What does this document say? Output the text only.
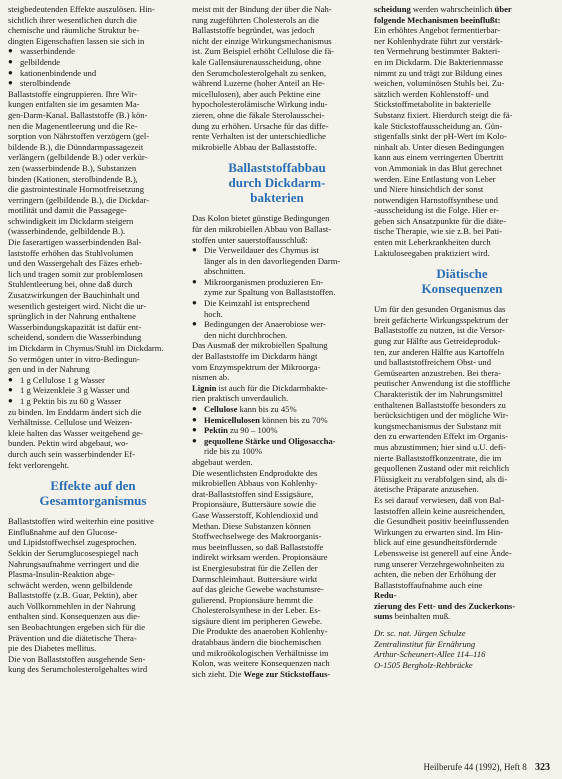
steigbedeutenden Effekte auszulösen. Hin-
sichtlich ihrer wesentlichen durch die
chemische und räumliche Struktur be-
dingten Eigenschaften lassen sie sich in
● wasserbindende
● gelbildende
● kationenbindende und
● sterolbindende
Ballaststoffe eingruppieren. Ihre Wir-
kungen entfalten sie im gesamten Ma-
gen-Darm-Kanal. Ballaststoffe (B.) kön-
nen die Magenentleerung und die Re-
sorption von Nährstoffen verzögern (gel-
bildende B.), die Dünndarmpassagezeit
verlängern (gelbildende B.) oder verkür-
zen (wasserbindende B.), Substanzen
binden (Kationen, sterolbindende B.),
die gastrointestinale Hormotfreisetzung
verringern (gelbildende B.), die Dickdar-
motilität und damit die Passagege-
schwindigkeit im Dickdarm steigern
(wasserbindende, gelbildende B.).
Die faserartigen wasserbindenden Bal-
laststoffe erhöhen das Stuhlvolumen
und den Wassergehalt des Fäzes erheb-
lich und tragen somit zur problemlosen
Stuhlentleerung bei, ohne daß durch
Zusatzwirkungen der Bauchinhalt und
wesentlich gesteigert wird. Nicht die ur-
sprünglich in der Nahrung enthaltene
Wasserbindungskapazität ist dafür ent-
scheidend, sondern die Wasserbindung
im Dickdarm in Chymus/Stuhl im Dickdarm.
So vermögen unter in vitro-Bedingun-
gen und in der Nahrung
● 1 g Cellulose 1 g Wasser
● 1 g Weizenkleie 3 g Wasser und
● 1 g Pektin bis zu 60 g Wasser
zu binden. Im Enddarm ändert sich die
Verhältnisse. Cellulose und Weizen-
kleie halten das Wasser weitgehend ge-
bunden. Pektin wird abgebaut, wo-
durch auch sein wasserbindender Ef-
fekt verlorengeht.
Effekte auf den
Gesamtorganismus
Ballaststoffen wird weiterhin eine positive
Einflußnahme auf den Glucose-
und Lipidstoffwechsel zugesprochen.
Sekkin der Serumglucosespiegel nach
Nahrungsaufnahme verringert und die
Plasma-Insulin-Reaktion abge-
schwächt werden, wenn gelbildende
Ballaststoffe (z.B. Guar, Pektin), aber
auch Vollkornmehlen in der Nahrung
enthalten sind. Konsequenzen aus die-
sen Beobachtungen ergeben sich für die
Prävention und die diätetische Thera-
pie des Diabetes mellitus.
Die von Ballaststoffen ausgehende Sen-
kung des Serumcholesterolgehaltes wird
meist mit der Bindung der über die Nah-
rung zugeführten Cholesterols an die
Ballaststoffe begründet, was jedoch
nicht der einzige Wirkungsmechanismus
ist. Zum Beispiel erhöht Cellulose die fä-
kale Gallensäurenausscheidung, ohne
den Serumcholesterolgehalt zu senken,
während Luzerne (hoher Anteil an He-
micellulosen), aber auch Pektine eine
hypocholesterolämische Wirkung indu-
zieren, ohne die fäkale Sterolausschei-
dung zu erhöhen. Ursache für das diffe-
rente Verhalten ist der unterschiedliche
mikrobielle Abbau der Ballaststoffe.
Ballaststoffabbau
durch Dickdarm-
bakterien
Das Kolon bietet günstige Bedingungen
für den mikrobiellen Abbau von Ballast-
stoffen unter sauerstoffausschluß:
● Die Verweildauer des Chymus ist
länger als in den davorliegenden Darm-
abschnitten.
● Mikroorganismen produzieren En-
zyme zur Spaltung von Ballaststoffen.
● Die Keimzahl ist entsprechend
hoch.
● Bedingungen der Anaerobiose wer-
den nicht durchbrochen.
Das Ausmaß der mikrobiellen Spaltung
der Ballaststoffe im Dickdarm hängt
vom Enzymspektrum der Mikroorga-
nismen ab.
Lignin ist auch für die Dickdarmbakte-
rien praktisch unverdaulich.
● Cellulose kann bis zu 45%
● Hemicellulosen können bis zu 70%
● Pektin zu 90 – 100%
● gequollene Stärke und Oligosaccha-
ride bis zu 100%
abgebaut werden.
Die wesentlichsten Endprodukte des
mikrobiellen Abbaus von Kohlenhy-
drat-Ballaststoffen sind Essigsäure,
Propionsäure, Buttersäure sowie die
Gase Wasserstoff, Kohlendioxid und
Methan. Diese Substanzen können
Stoffwechselwege des Makroorganis-
mus beeinflussen, so daß Ballaststoffe
indirekt wirksam werden. Propionsäure
ist Energiesubstrat für die Zellen der
Darmschleimhaut. Buttersäure wirkt
auf das gleiche Gewebe wachstumsre-
gulierend. Propionsäure hemmt die
Cholesterolsynthese in der Leber. Es-
sigsäure dient im peripheren Gewebe.
Die Produkte des anaeroben Kohlenhy-
dratabbaus ändern die biochemischen
und mikroökologischen Verhältnisse im
Kolon, was weitere Konsequenzen nach
sich zieht. Die Wege zur Stickstoffaus-
scheidung werden wahrscheinlich über
folgende Mechanismen beeinflußt:
Ein erhöhtes Angebot fermentierbar-
ner Kohlenhydrate führt zur verstärk-
ten Vermehrung bestimmter Bakteri-
en im Dickdarm. Die Bakterienmasse
nimmt zu und trägt zur Bildung eines
weichen, voluminösen Stuhls bei. Zu-
sätzlich werden Kohlenstoff- und
Stickstoffmetabolite in bakterielle
Substanz fixiert. Hierdurch steigt die fä-
kale Stickstoffausscheidung an. Gün-
stigenfalls sinkt der pH-Wert im Kolo-
ninhalt ab. Unter diesen Bedingungen
kann aus einem verringerten Übertritt
von Ammoniak in das Blut gerechnet
werden. Eine Entlastung von Leber
und Niere hinsichtlich der sonst
notwendigen Harnstoffsynthese und
-ausscheidung ist die Folge. Hier er-
geben sich Ansatzpunkte für die diäte-
tische Therapie, wie sie z.B. bei Pati-
enten mit Leberkrankheiten durch
Laktuloseegaben praktiziert wird.
Diätische
Konsequenzen
Um für den gesunden Organismus das
breit gefächerte Wirkungsspektrum der
Ballaststoffe zu nutzen, ist die Versor-
gung zur Hälfte aus Getreideproduk-
ten, zur anderen Hälfte aus Kartoffeln
und ballaststoffreichem Obst- und
Gemüsearten anzustreben. Bei thera-
peutischer Anwendung ist die stoffliche
Charakteristik der im Nahrungsmittel
enthaltenen Ballaststoffe besonders zu
berücksichtigen und der mögliche Wir-
kungsmechanismus der Substanz mit
den zu erwartenden Effekt im Organis-
mus abzustimmen; hier sind u.U. defi-
nierte Ballaststoffkonzentrate, die im
gequollenen Zustand oder mit reichlich
Flüssigkeit zu verabfolgen sind, als di-
ätetische Präparate anzusehen.
Es sei darauf verwiesen, daß von Bal-
laststoffen allein keine ausreichenden,
die Gesundheit positiv beeinflussenden
Wirkungen zu erwarten sind. Im Hin-
blick auf eine gesundheitsfördernde
Lebensweise ist generell auf eine Ände-
rung unserer Verzehrgewohnheiten zu
achten, die neben der Erhöhung der
Ballaststoffaufnahme auch eine
Redu-
zierung des Fett- und des Zuckerkons-
sums beinhalten muß.
Dr. sc. nat. Jürgen Schulze
Zentralinstitut für Ernährung
Arthur-Scheunert-Allee 114–116
O-1505 Bergholz-Rehbrücke
Heilberufe 44 (1992), Heft 8 323
